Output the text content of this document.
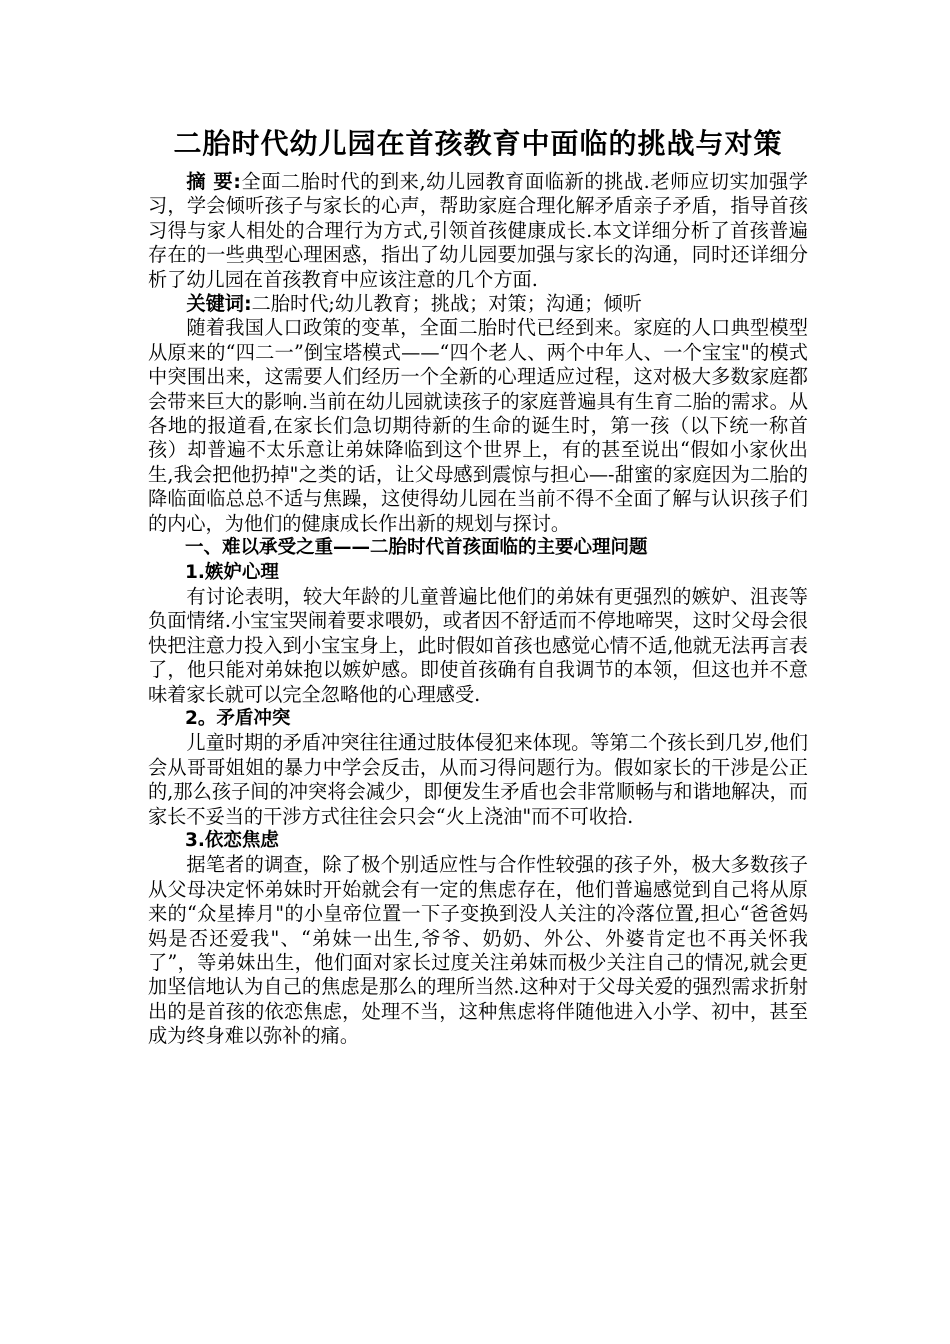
二胎时代幼儿园在首孩教育中面临的挑战与对策

摘 要:全面二胎时代的到来,幼儿园教育面临新的挑战.老师应切实加强学习，学会倾听孩子与家长的心声，帮助家庭合理化解矛盾亲子矛盾，指导首孩习得与家人相处的合理行为方式,引领首孩健康成长.本文详细分析了首孩普遍存在的一些典型心理困惑，指出了幼儿园要加强与家长的沟通，同时还详细分析了幼儿园在首孩教育中应该注意的几个方面.

关键词:二胎时代;幼儿教育；挑战；对策；沟通；倾听

随着我国人口政策的变革，全面二胎时代已经到来。家庭的人口典型模型从原来的“四二一”倒宝塔模式——“四个老人、两个中年人、一个宝宝"的模式中突围出来，这需要人们经历一个全新的心理适应过程，这对极大多数家庭都会带来巨大的影响.当前在幼儿园就读孩子的家庭普遍具有生育二胎的需求。从各地的报道看,在家长们急切期待新的生命的诞生时，第一孩（以下统一称首孩）却普遍不太乐意让弟妹降临到这个世界上，有的甚至说出“假如小家伙出生,我会把他扔掉"之类的话，让父母感到震惊与担心—-甜蜜的家庭因为二胎的降临面临总总不适与焦躁，这使得幼儿园在当前不得不全面了解与认识孩子们的内心，为他们的健康成长作出新的规划与探讨。

一、难以承受之重——二胎时代首孩面临的主要心理问题

1.嫉妒心理

有讨论表明，较大年龄的儿童普遍比他们的弟妹有更强烈的嫉妒、沮丧等负面情绪.小宝宝哭闹着要求喂奶，或者因不舒适而不停地啼哭，这时父母会很快把注意力投入到小宝宝身上，此时假如首孩也感觉心情不适,他就无法再言表了，他只能对弟妹抱以嫉妒感。即使首孩确有自我调节的本领，但这也并不意味着家长就可以完全忽略他的心理感受.

2。矛盾冲突

儿童时期的矛盾冲突往往通过肢体侵犯来体现。等第二个孩长到几岁,他们会从哥哥姐姐的暴力中学会反击，从而习得问题行为。假如家长的干涉是公正的,那么孩子间的冲突将会减少，即便发生矛盾也会非常顺畅与和谐地解决，而家长不妥当的干涉方式往往会只会“火上浇油"而不可收拾.

3.依恋焦虑

据笔者的调查，除了极个别适应性与合作性较强的孩子外，极大多数孩子从父母决定怀弟妹时开始就会有一定的焦虑存在，他们普遍感觉到自己将从原来的“众星捧月"的小皇帝位置一下子变换到没人关注的冷落位置,担心“爸爸妈妈是否还爱我"、“弟妹一出生,爷爷、奶奶、外公、外婆肯定也不再关怀我了”，等弟妹出生，他们面对家长过度关注弟妹而极少关注自己的情况,就会更加坚信地认为自己的焦虑是那么的理所当然.这种对于父母关爱的强烈需求折射出的是首孩的依恋焦虑，处理不当，这种焦虑将伴随他进入小学、初中，甚至成为终身难以弥补的痛。
